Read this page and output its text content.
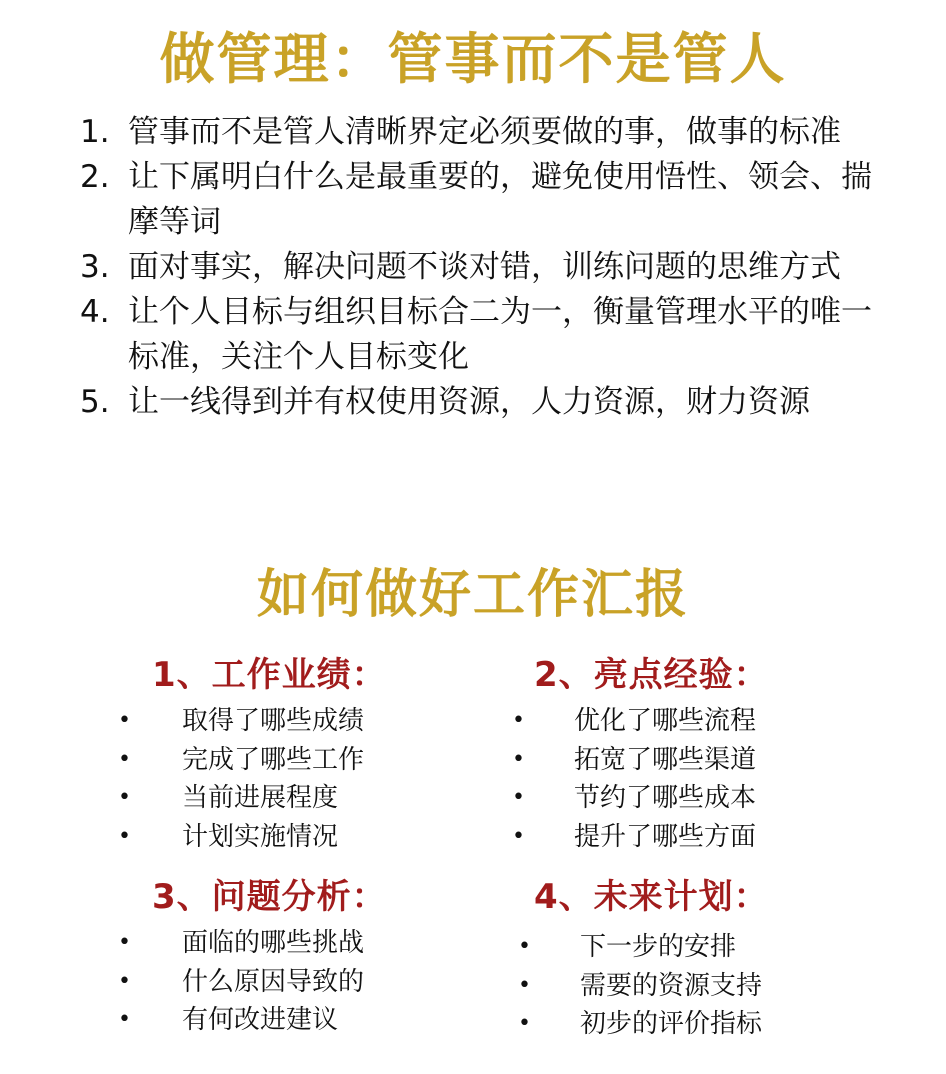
做管理：管事而不是管人
1. 管事而不是管人清晰界定必须要做的事，做事的标准
2. 让下属明白什么是最重要的，避免使用悟性、领会、揣摩等词
3. 面对事实，解决问题不谈对错，训练问题的思维方式
4. 让个人目标与组织目标合二为一，衡量管理水平的唯一标准，关注个人目标变化
5. 让一线得到并有权使用资源，人力资源，财力资源
如何做好工作汇报
1、工作业绩：
• 取得了哪些成绩
• 完成了哪些工作
• 当前进展程度
• 计划实施情况
2、亮点经验：
• 优化了哪些流程
• 拓宽了哪些渠道
• 节约了哪些成本
• 提升了哪些方面
3、问题分析：
• 面临的哪些挑战
• 什么原因导致的
• 有何改进建议
4、未来计划：
• 下一步的安排
• 需要的资源支持
• 初步的评价指标
